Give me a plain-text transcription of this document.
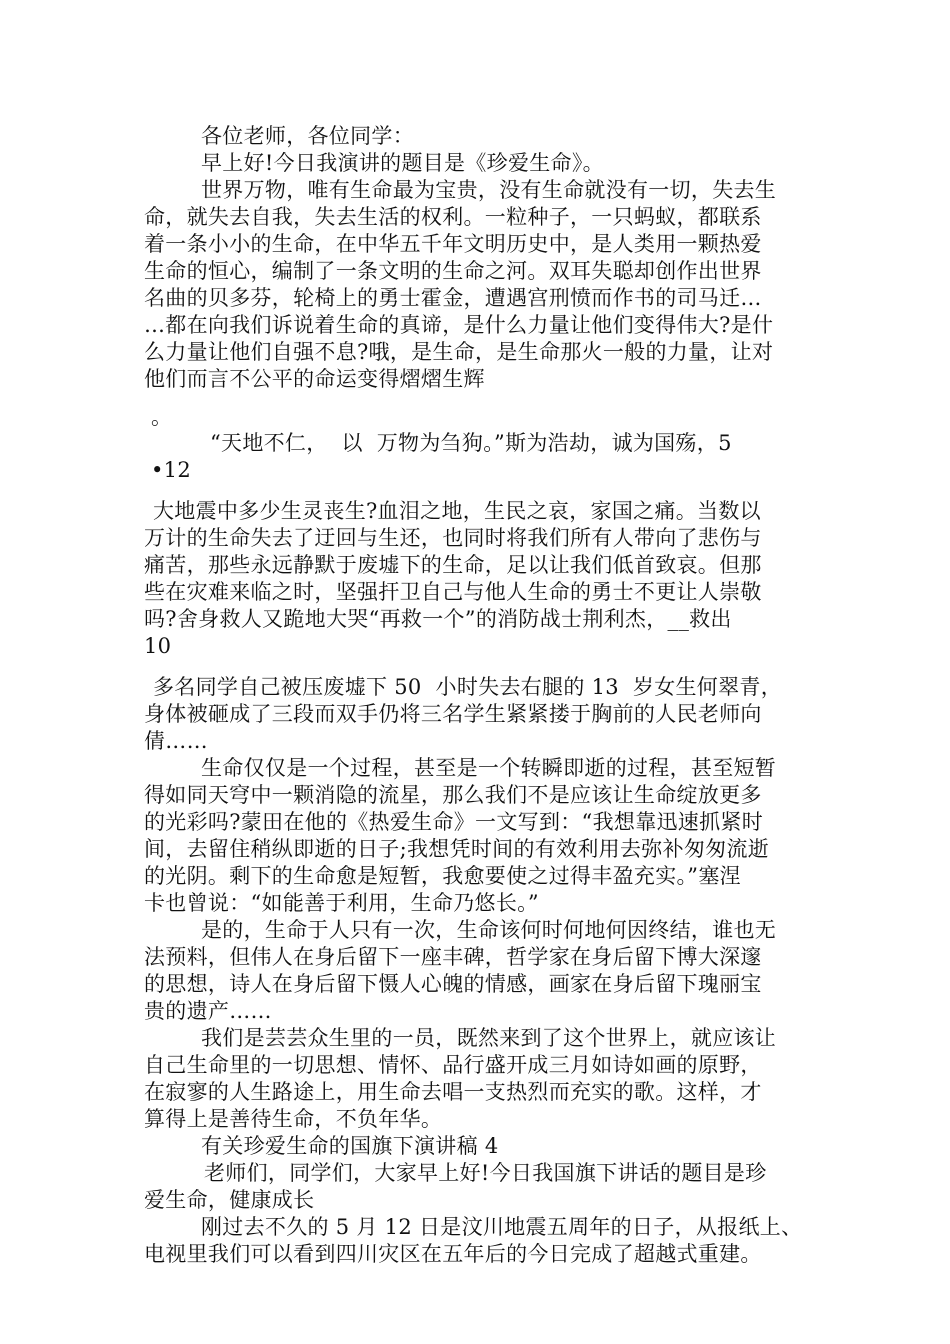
各位老师，各位同学：

早上好!今日我演讲的题目是《珍爱生命》。

世界万物，唯有生命最为宝贵，没有生命就没有一切，失去生

命，就失去自我，失去生活的权利。一粒种子，一只蚂蚁，都联系

着一条小小的生命，在中华五千年文明历史中，是人类用一颗热爱

生命的恒心，编制了一条文明的生命之河。双耳失聪却创作出世界

名曲的贝多芬，轮椅上的勇士霍金，遭遇宫刑愤而作书的司马迁…

…都在向我们诉说着生命的真谛，是什么力量让他们变得伟大?是什

么力量让他们自强不息?哦，是生命，是生命那火一般的力量，让对

他们而言不公平的命运变得熠熠生辉

。

“天地不仁，  以  万物为刍狗。”斯为浩劫，诚为国殇，5

•12

大地震中多少生灵丧生?血泪之地，生民之哀，家国之痛。当数以

万计的生命失去了迂回与生还，也同时将我们所有人带向了悲伤与

痛苦，那些永远静默于废墟下的生命，足以让我们低首致哀。但那

些在灾难来临之时，坚强扞卫自己与他人生命的勇士不更让人崇敬

吗?舍身救人又跪地大哭“再救一个”的消防战士荆利杰，__救出

10

多名同学自己被压废墟下 50  小时失去右腿的 13  岁女生何翠青，

身体被砸成了三段而双手仍将三名学生紧紧搂于胸前的人民老师向

倩……

生命仅仅是一个过程，甚至是一个转瞬即逝的过程，甚至短暂

得如同天穹中一颗消隐的流星，那么我们不是应该让生命绽放更多

的光彩吗?蒙田在他的《热爱生命》一文写到：“我想靠迅速抓紧时

间，去留住稍纵即逝的日子;我想凭时间的有效利用去弥补匆匆流逝

的光阴。剩下的生命愈是短暂，我愈要使之过得丰盈充实。”塞涅

卡也曾说：“如能善于利用，生命乃悠长。”

是的，生命于人只有一次，生命该何时何地何因终结，谁也无

法预料，但伟人在身后留下一座丰碑，哲学家在身后留下博大深邃

的思想，诗人在身后留下慑人心魄的情感，画家在身后留下瑰丽宝

贵的遗产……

我们是芸芸众生里的一员，既然来到了这个世界上，就应该让

自己生命里的一切思想、情怀、品行盛开成三月如诗如画的原野，

在寂寥的人生路途上，用生命去唱一支热烈而充实的歌。这样，才

算得上是善待生命，不负年华。

有关珍爱生命的国旗下演讲稿 4

老师们，同学们，大家早上好!今日我国旗下讲话的题目是珍

爱生命，健康成长

刚过去不久的 5 月 12 日是汶川地震五周年的日子，从报纸上、

电视里我们可以看到四川灾区在五年后的今日完成了超越式重建。
